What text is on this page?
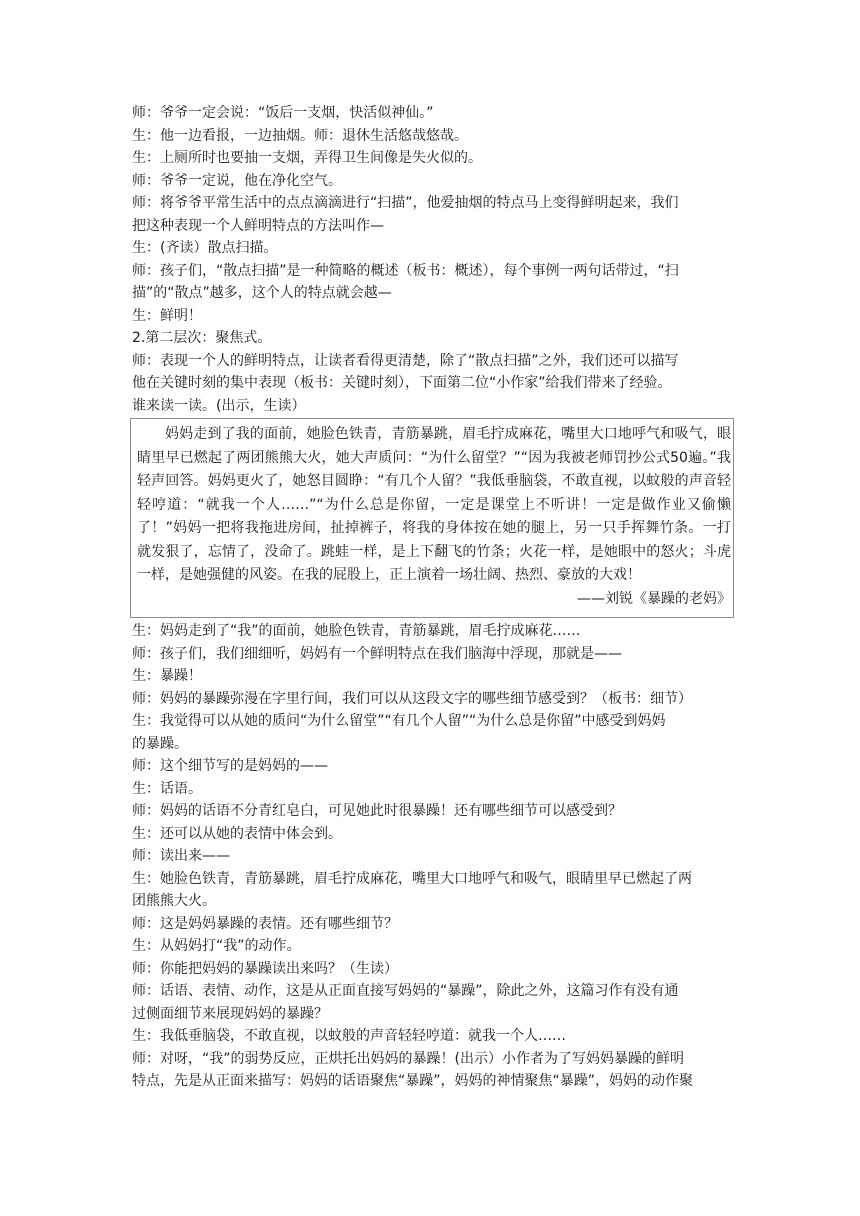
师：爷爷一定会说：“饭后一支烟，快活似神仙。”
生：他一边看报，一边抽烟。师：退休生活悠哉悠哉。
生：上厕所时也要抽一支烟，弄得卫生间像是失火似的。
师：爷爷一定说，他在净化空气。
师：将爷爷平常生活中的点点滴滴进行“扫描”，他爱抽烟的特点马上变得鲜明起来，我们
把这种表现一个人鲜明特点的方法叫作—
生：(齐读）散点扫描。
师：孩子们，“散点扫描”是一种简略的概述（板书：概述），每个事例一两句话带过，“扫
描”的“散点”越多，这个人的特点就会越—
生：鲜明！
2.第二层次：聚焦式。
师：表现一个人的鲜明特点，让读者看得更清楚，除了“散点扫描”之外，我们还可以描写
他在关键时刻的集中表现（板书：关键时刻），下面第二位“小作家”给我们带来了经验。
谁来读一读。(出示，生读）
妈妈走到了我的面前，她脸色铁青，青筋暴跳，眉毛拧成麻花，嘴里大口地呼气和吸气，眼睛里早已燃起了两团熊熊大火，她大声质问：“为什么留堂？”“因为我被老师罚抄公式50遍。”我轻声回答。妈妈更火了，她怒目圆睁：“有几个人留？”我低垂脑袋，不敢直视，以蚊般的声音轻轻哼道：“就我一个人……”“为什么总是你留，一定是课堂上不听讲！一定是做作业又偷懒了！”妈妈一把将我拖进房间，扯掉裤子，将我的身体按在她的腿上，另一只手挥舞竹条。一打就发狠了，忘情了，没命了。跳蛙一样，是上下翻飞的竹条；火花一样，是她眼中的怒火；斗虎一样，是她强健的风姿。在我的屁股上，正上演着一场壮阔、热烈、豪放的大戏！
——刘锐《暴躁的老妈》
生：妈妈走到了“我”的面前，她脸色铁青，青筋暴跳，眉毛拧成麻花……
师：孩子们，我们细细听，妈妈有一个鲜明特点在我们脑海中浮现，那就是——
生：暴躁！
师：妈妈的暴躁弥漫在字里行间，我们可以从这段文字的哪些细节感受到？（板书：细节）
生：我觉得可以从她的质问“为什么留堂”“有几个人留”“为什么总是你留”中感受到妈妈
的暴躁。
师：这个细节写的是妈妈的——
生：话语。
师：妈妈的话语不分青红皂白，可见她此时很暴躁！还有哪些细节可以感受到？
生：还可以从她的表情中体会到。
师：读出来——
生：她脸色铁青，青筋暴跳，眉毛拧成麻花，嘴里大口地呼气和吸气，眼睛里早已燃起了两
团熊熊大火。
师：这是妈妈暴躁的表情。还有哪些细节？
生：从妈妈打“我”的动作。
师：你能把妈妈的暴躁读出来吗？（生读）
师：话语、表情、动作，这是从正面直接写妈妈的“暴躁”，除此之外，这篇习作有没有通
过侧面细节来展现妈妈的暴躁？
生：我低垂脑袋，不敢直视，以蚊般的声音轻轻哼道：就我一个人……
师：对呀，“我”的弱势反应，正烘托出妈妈的暴躁！(出示）小作者为了写妈妈暴躁的鲜明
特点，先是从正面来描写：妈妈的话语聚焦“暴躁”，妈妈的神情聚焦“暴躁”，妈妈的动作聚
